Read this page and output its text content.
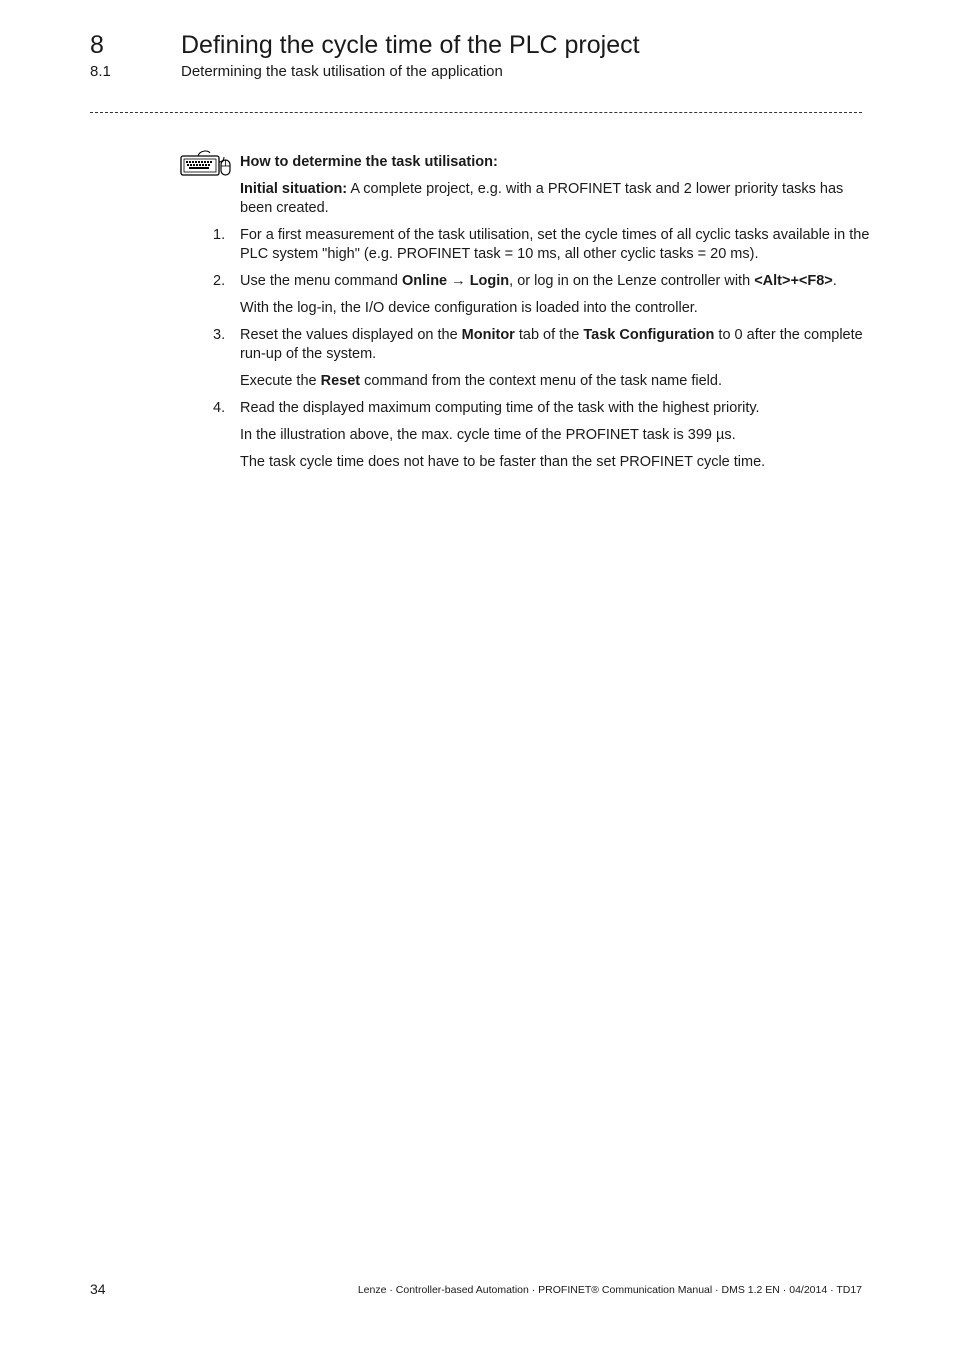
8	Defining the cycle time of the PLC project
8.1	Determining the task utilisation of the application

How to determine the task utilisation:

Initial situation: A complete project, e.g. with a PROFINET task and 2 lower priority tasks has been created.

1. For a first measurement of the task utilisation, set the cycle times of all cyclic tasks available in the PLC system "high" (e.g. PROFINET task = 10 ms, all other cyclic tasks = 20 ms).
2. Use the menu command Online → Login, or log in on the Lenze controller with <Alt>+<F8>.

With the log-in, the I/O device configuration is loaded into the controller.

3. Reset the values displayed on the Monitor tab of the Task Configuration to 0 after the complete run-up of the system.

Execute the Reset command from the context menu of the task name field.

4. Read the displayed maximum computing time of the task with the highest priority.

In the illustration above, the max. cycle time of the PROFINET task is 399 µs.

The task cycle time does not have to be faster than the set PROFINET cycle time.

34	Lenze · Controller-based Automation · PROFINET® Communication Manual · DMS 1.2 EN · 04/2014 · TD17
